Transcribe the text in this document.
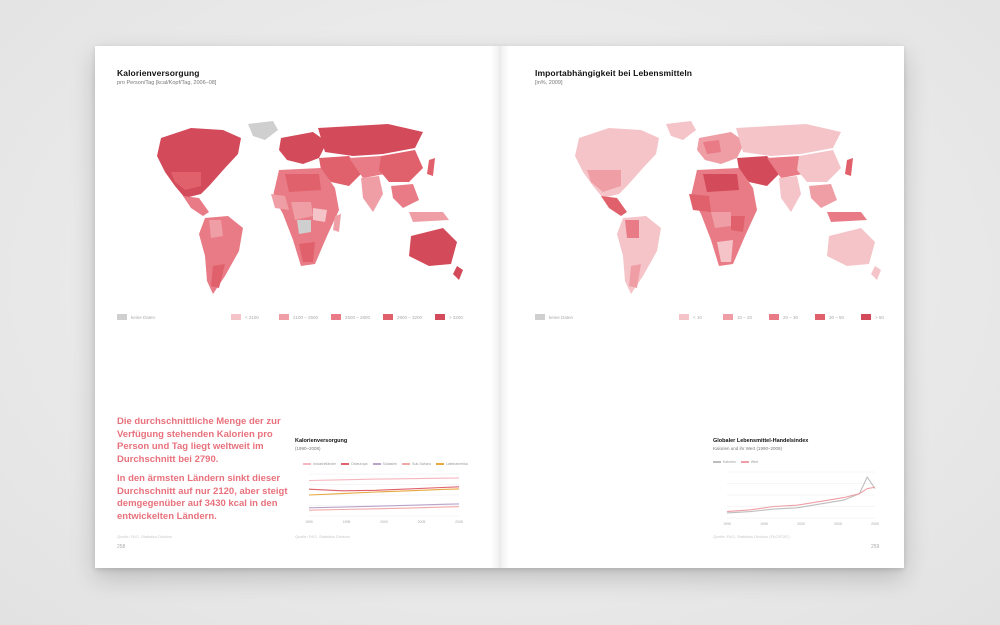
Kalorienversorgung
pro Person/Tag [kcal/Kopf/Tag, 2006–08]
keine Daten	< 2100	2100 – 2500	2500 – 2800	2800 – 3200	> 3200

Die durchschnittliche Menge der zur Verfügung stehenden Kalorien pro Person und Tag liegt weltweit im Durchschnitt bei 2790.

In den ärmsten Ländern sinkt dieser Durchschnitt auf nur 2120, aber steigt demgegenüber auf 3430 kcal in den entwickelten Ländern.

Quelle: FAO, Statistics Division
258
Kalorienversorgung
(1990–2008)
Industrieländer	Osteuropa	Südasien	Sub-Sahara	Lateinamerika
1990	1995	2000	2005	2008
Quelle: FAO, Statistics Division
Importabhängigkeit bei Lebensmitteln
[in%, 2009]
keine Daten	< 10	10 – 20	20 – 30	30 – 50	> 50
Globaler Lebensmittel-Handelsindex
Kalorien und ihr Wert (1990–2009)
Kalorien	Wert
1990	1995	2000	2005	2009
Quelle: FAO, Statistics Division (FAOSTAT)
259
